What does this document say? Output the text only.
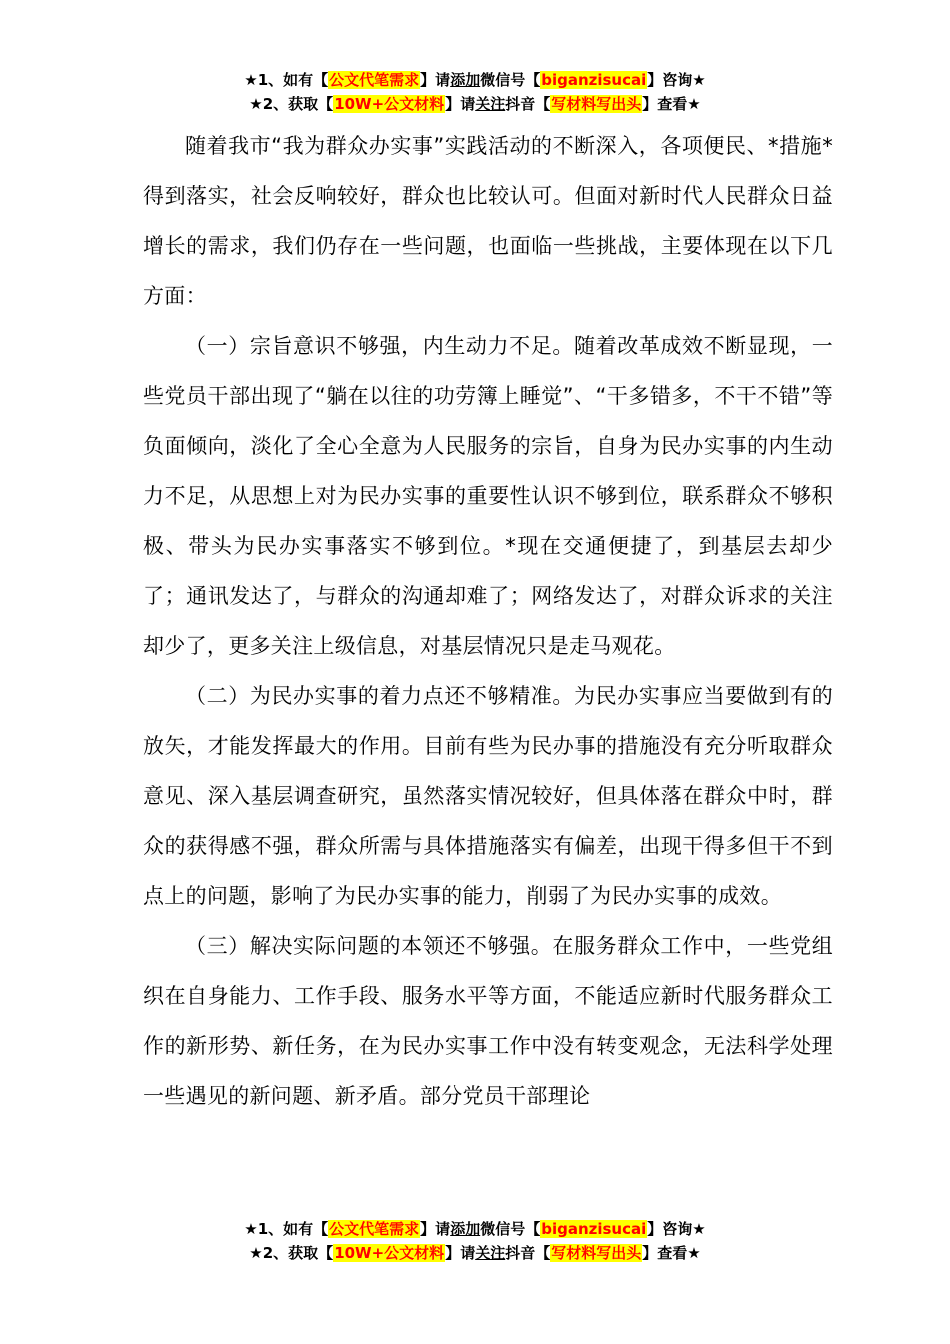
★1、如有【公文代笔需求】请添加微信号【biganzisucai】咨询★
★2、获取【10W+公文材料】请关注抖音【写材料写出头】查看★

随着我市“我为群众办实事”实践活动的不断深入，各项便民、*措施*得到落实，社会反响较好，群众也比较认可。但面对新时代人民群众日益增长的需求，我们仍存在一些问题，也面临一些挑战，主要体现在以下几方面：

（一）宗旨意识不够强，内生动力不足。随着改革成效不断显现，一些党员干部出现了“躺在以往的功劳簿上睡觉”、“干多错多，不干不错”等负面倾向，淡化了全心全意为人民服务的宗旨，自身为民办实事的内生动力不足，从思想上对为民办实事的重要性认识不够到位，联系群众不够积极、带头为民办实事落实不够到位。*现在交通便捷了，到基层去却少了；通讯发达了，与群众的沟通却难了；网络发达了，对群众诉求的关注却少了，更多关注上级信息，对基层情况只是走马观花。

（二）为民办实事的着力点还不够精准。为民办实事应当要做到有的放矢，才能发挥最大的作用。目前有些为民办事的措施没有充分听取群众意见、深入基层调查研究，虽然落实情况较好，但具体落在群众中时，群众的获得感不强，群众所需与具体措施落实有偏差，出现干得多但干不到点上的问题，影响了为民办实事的能力，削弱了为民办实事的成效。

（三）解决实际问题的本领还不够强。在服务群众工作中，一些党组织在自身能力、工作手段、服务水平等方面，不能适应新时代服务群众工作的新形势、新任务，在为民办实事工作中没有转变观念，无法科学处理一些遇见的新问题、新矛盾。部分党员干部理论

★1、如有【公文代笔需求】请添加微信号【biganzisucai】咨询★
★2、获取【10W+公文材料】请关注抖音【写材料写出头】查看★
